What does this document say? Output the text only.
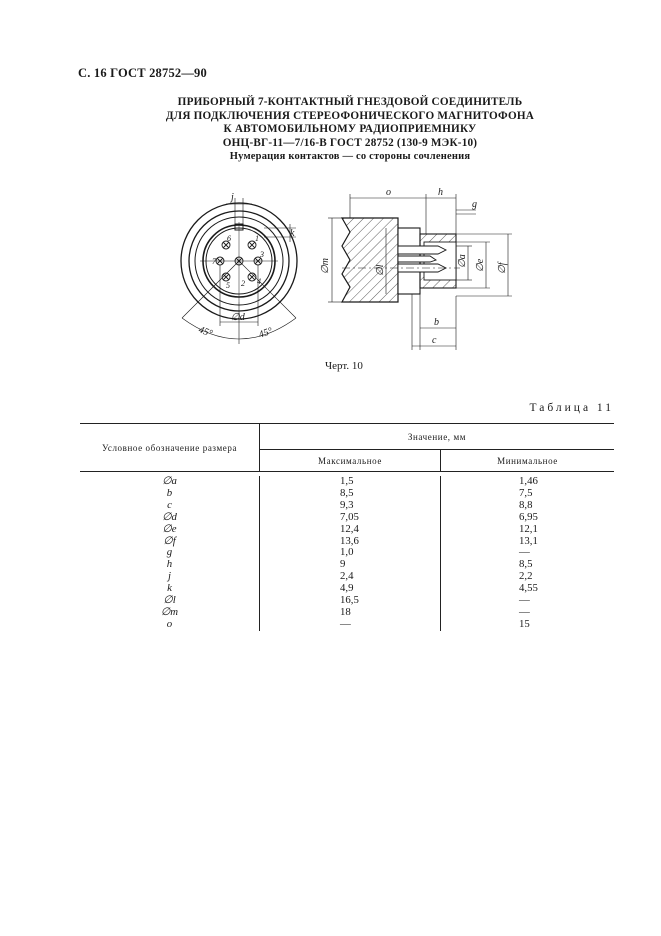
С. 16 ГОСТ 28752—90
ПРИБОРНЫЙ 7-КОНТАКТНЫЙ ГНЕЗДОВОЙ СОЕДИНИТЕЛЬ
ДЛЯ ПОДКЛЮЧЕНИЯ СТЕРЕОФОНИЧЕСКОГО МАГНИТОФОНА
К АВТОМОБИЛЬНОМУ РАДИОПРИЕМНИКУ
ОНЦ-ВГ-11—7/16-В ГОСТ 28752 (130-9 МЭК-10)
Нумерация контактов — со стороны сочленения
1
2
3
4
5
6
7
j
k
∅d
45°	45°
o	h
g
∅m	∅l
∅a ∅e ∅f
b
c
Черт. 10
Таблица 11
Условное обозначение размера	Значение, мм	
	Максимальное	Минимальное

∅a	1,5	1,46
b	8,5	7,5
c	9,3	8,8
∅d	7,05	6,95
∅e	12,4	12,1
∅f	13,6	13,1
g	1,0	—
h	9	8,5
j	2,4	2,2
k	4,9	4,55
∅l	16,5	—
∅m	18	—
o	—	15
